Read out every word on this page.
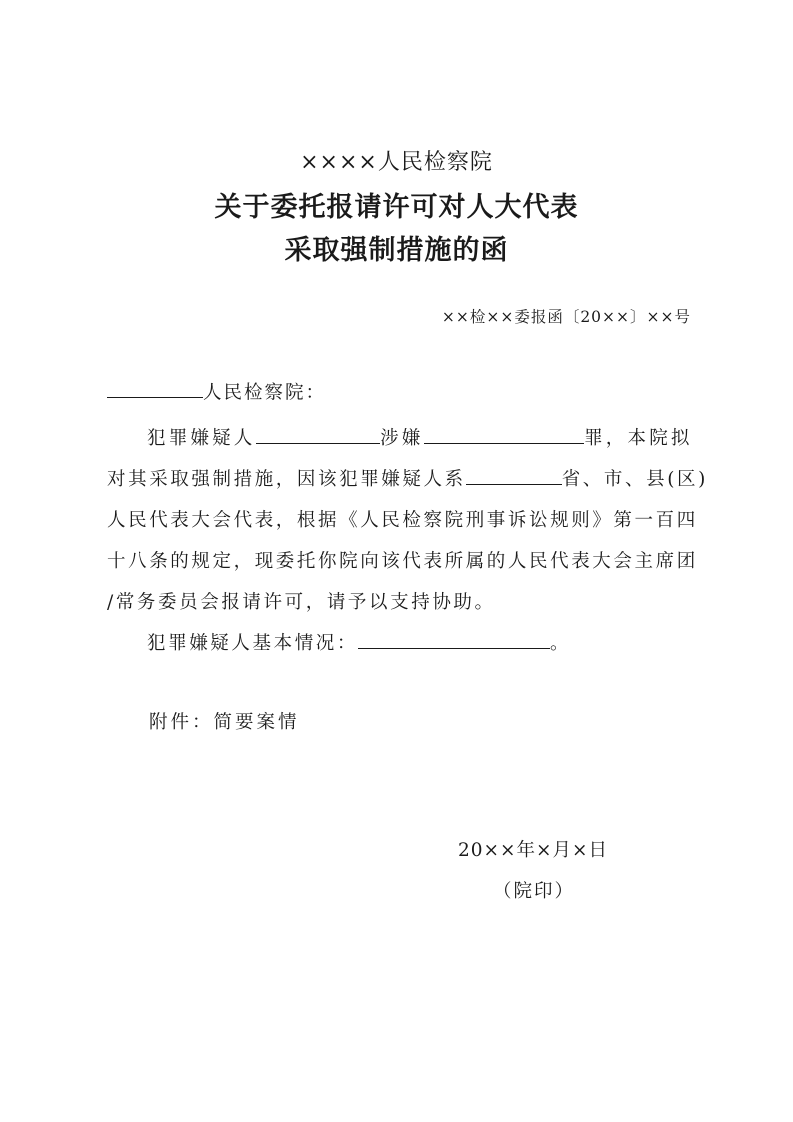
××××人民检察院
关于委托报请许可对人大代表
采取强制措施的函
××检××委报函〔20××〕××号
人民检察院：
犯罪嫌疑人	涉嫌	罪，本院拟
对其采取强制措施，因该犯罪嫌疑人系	省、市、县(区)
人民代表大会代表，根据《人民检察院刑事诉讼规则》第一百四
十八条的规定，现委托你院向该代表所属的人民代表大会主席团
/常务委员会报请许可，请予以支持协助。
犯罪嫌疑人基本情况：	。
附件：简要案情
20××年×月×日
（院印）
